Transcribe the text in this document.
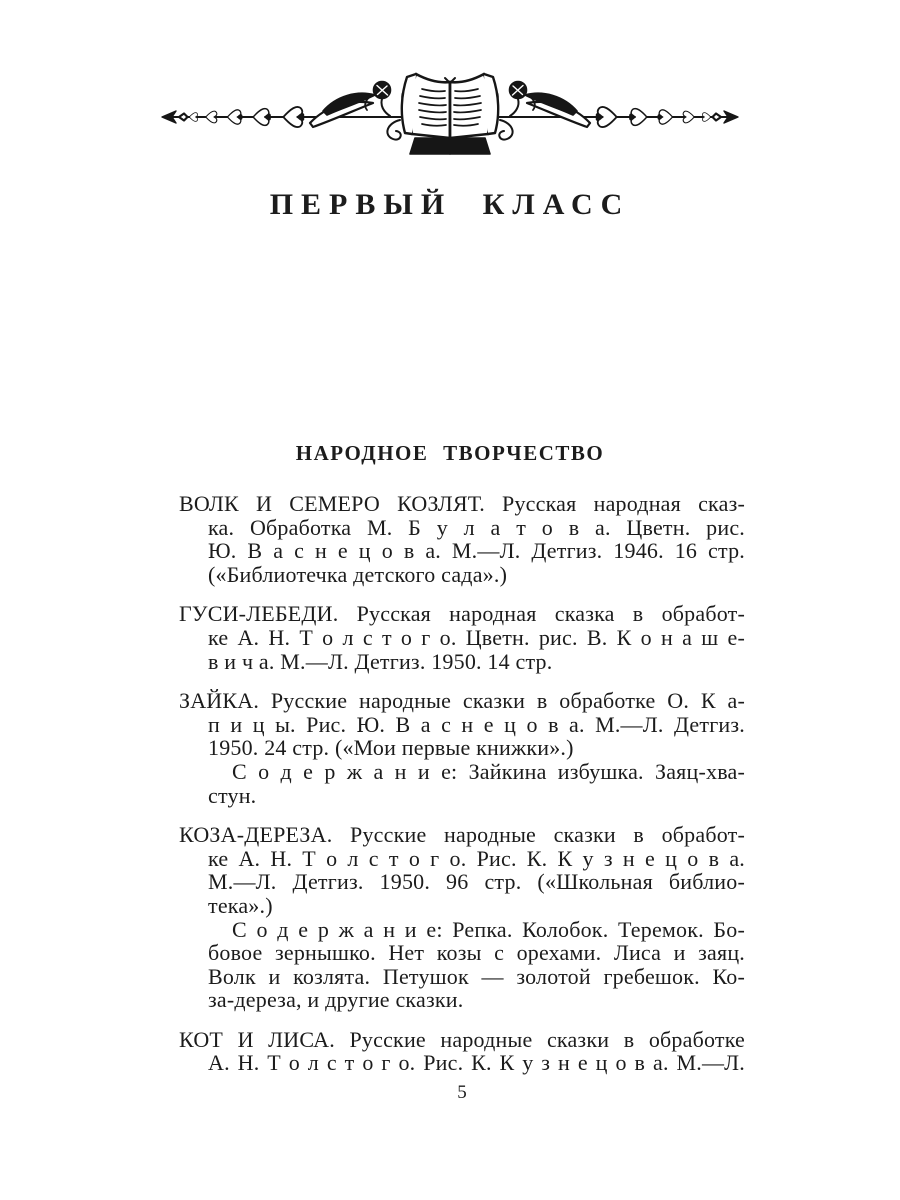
ПЕРВЫЙ КЛАСС
НАРОДНОЕ ТВОРЧЕСТВО
ВОЛК И СЕМЕРО КОЗЛЯТ. Русская народная сказ-
ка. Обработка М. Б у л а т о в а. Цветн. рис.
Ю. В а с н е ц о в а. М.—Л. Детгиз. 1946. 16 стр.
(«Библиотечка детского сада».)
ГУСИ-ЛЕБЕДИ. Русская народная сказка в обработ-
ке А. Н. Т о л с т о г о. Цветн. рис. В. К о н а ш е-
в и ч а. М.—Л. Детгиз. 1950. 14 стр.
ЗАЙКА. Русские народные сказки в обработке О. К а-
п и ц ы. Рис. Ю. В а с н е ц о в а. М.—Л. Детгиз.
1950. 24 стр. («Мои первые книжки».)
С о д е р ж а н и е: Зайкина избушка. Заяц-хва-
стун.
КОЗА-ДЕРЕЗА. Русские народные сказки в обработ-
ке А. Н. Т о л с т о г о. Рис. К. К у з н е ц о в а.
М.—Л. Детгиз. 1950. 96 стр. («Школьная библио-
тека».)
С о д е р ж а н и е: Репка. Колобок. Теремок. Бо-
бовое зернышко. Нет козы с орехами. Лиса и заяц.
Волк и козлята. Петушок — золотой гребешок. Ко-
за-дереза, и другие сказки.
КОТ И ЛИСА. Русские народные сказки в обработке
А. Н. Т о л с т о г о. Рис. К. К у з н е ц о в а. М.—Л.
5
